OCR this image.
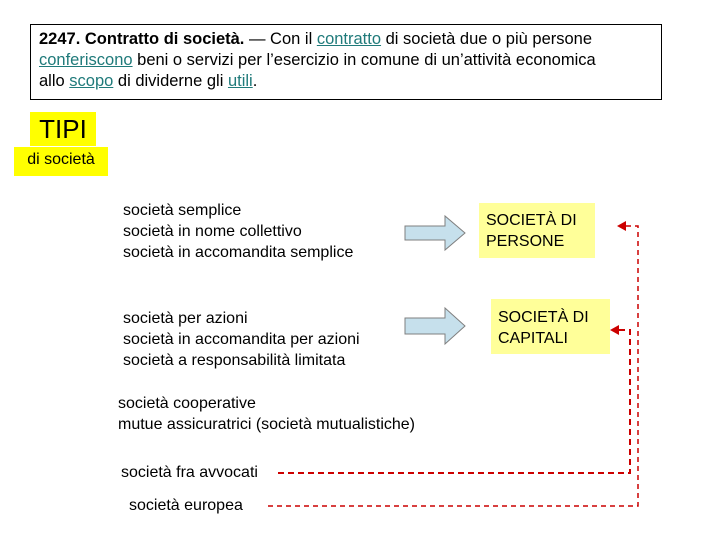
2247. Contratto di società. — Con il contratto di società due o più persone
conferiscono beni o servizi per l’esercizio in comune di un’attività economica
allo scopo di dividerne gli utili.
TIPI
di società
società semplice
società in nome collettivo
società in accomandita semplice
società per azioni
società in accomandita per azioni
società a responsabilità limitata
società cooperative
mutue assicuratrici (società mutualistiche)
società fra avvocati
società europea
SOCIETÀ DI
PERSONE
SOCIETÀ DI
CAPITALI
